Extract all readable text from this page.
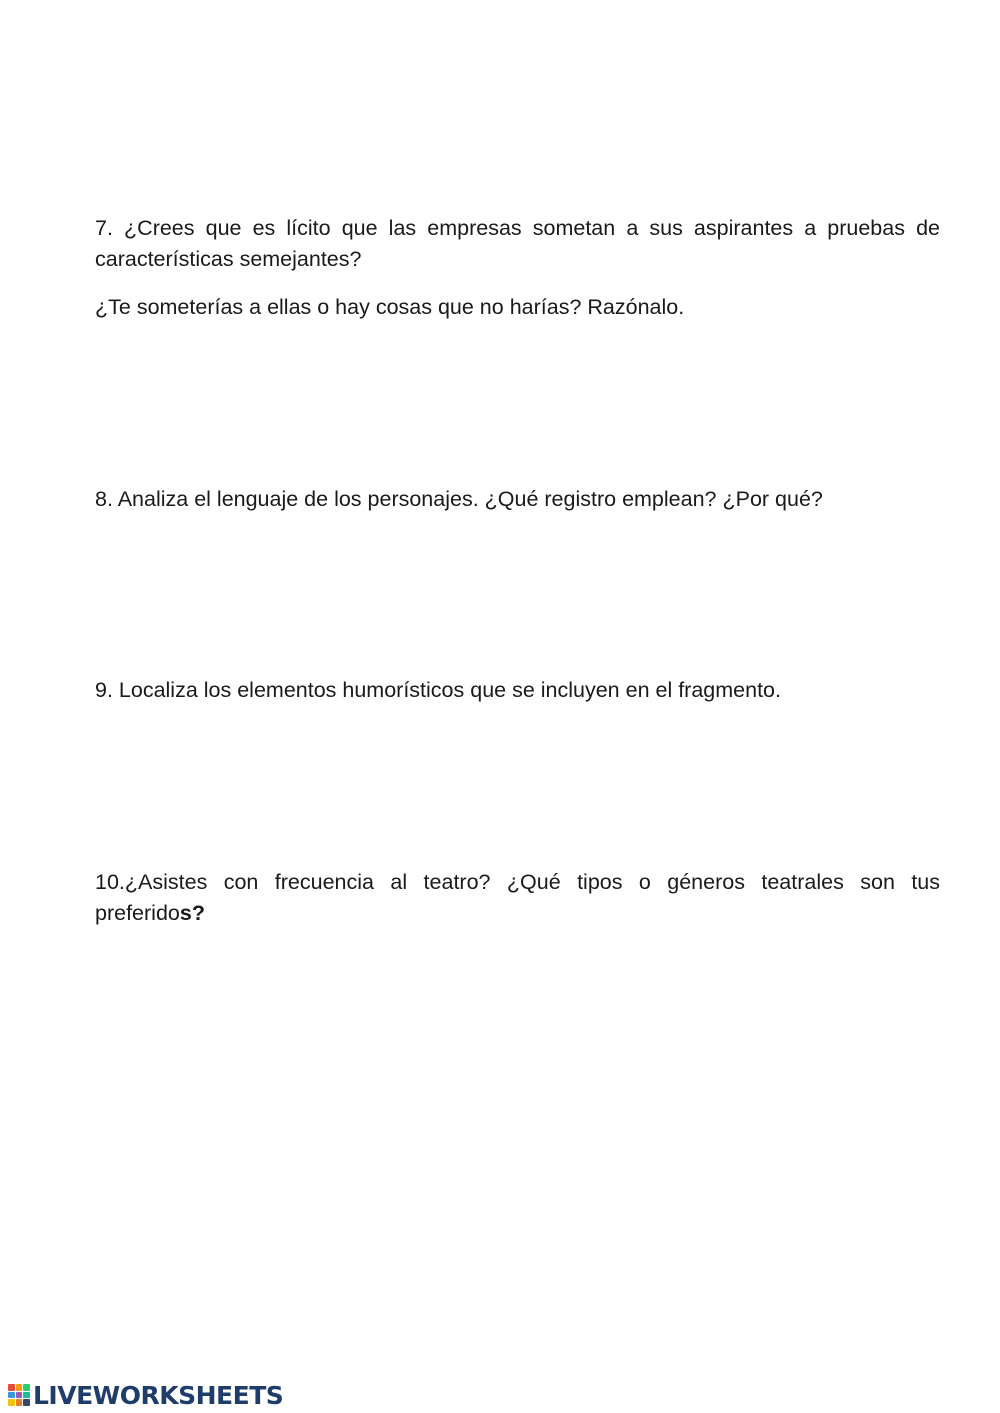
7. ¿Crees que es lícito que las empresas sometan a sus aspirantes a pruebas de características semejantes?

¿Te someterías a ellas o hay cosas que no harías? Razónalo.

8. Analiza el lenguaje de los personajes. ¿Qué registro emplean? ¿Por qué?

9. Localiza los elementos humorísticos que se incluyen en el fragmento.

10.¿Asistes con frecuencia al teatro? ¿Qué tipos o géneros teatrales son tus preferidos?

LIVEWORKSHEETS
